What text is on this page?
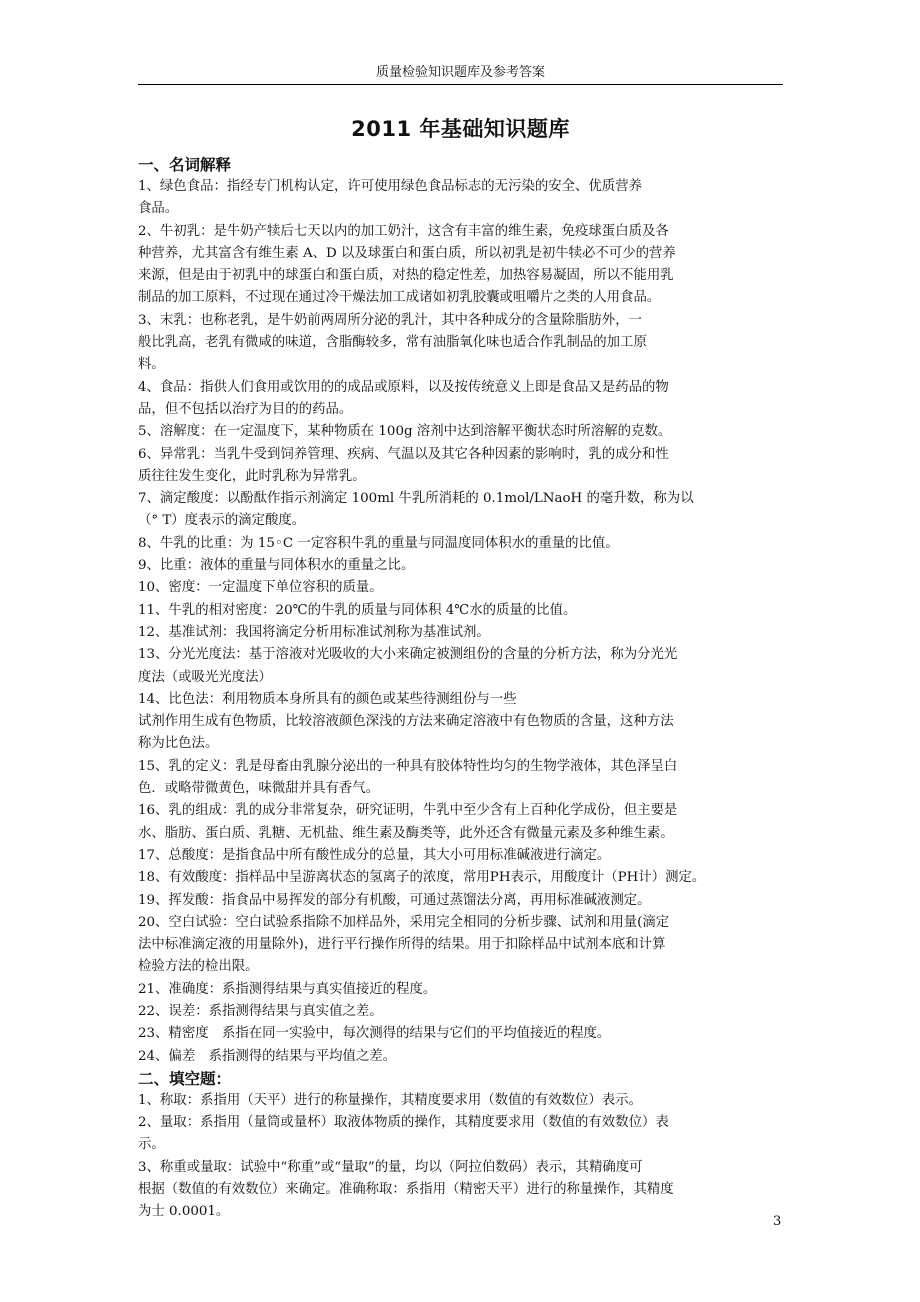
质量检验知识题库及参考答案
2011 年基础知识题库
一、名词解释
1、绿色食品：指经专门机构认定，许可使用绿色食品标志的无污染的安全、优质营养
食品。
2、牛初乳：是牛奶产犊后七天以内的加工奶汁，这含有丰富的维生素，免疫球蛋白质及各
种营养，尤其富含有维生素 A、D 以及球蛋白和蛋白质，所以初乳是初牛犊必不可少的营养
来源，但是由于初乳中的球蛋白和蛋白质，对热的稳定性差，加热容易凝固，所以不能用乳
制品的加工原料，不过现在通过冷干燥法加工成诸如初乳胶囊或咀嚼片之类的人用食品。
3、末乳：也称老乳，是牛奶前两周所分泌的乳汁，其中各种成分的含量除脂肪外，一
般比乳高，老乳有微咸的味道，含脂酶较多，常有油脂氧化味也适合作乳制品的加工原
料。
4、食品：指供人们食用或饮用的的成品或原料，以及按传统意义上即是食品又是药品的物
品，但不包括以治疗为目的的药品。
5、溶解度：在一定温度下，某种物质在 100g 溶剂中达到溶解平衡状态时所溶解的克数。
6、异常乳：当乳牛受到饲养管理、疾病、气温以及其它各种因素的影响时，乳的成分和性
质往往发生变化，此时乳称为异常乳。
7、滴定酸度：以酚酞作指示剂滴定 100ml 牛乳所消耗的 0.1mol/LNaoH 的毫升数，称为以
（° T）度表示的滴定酸度。
8、牛乳的比重：为 15◦C 一定容积牛乳的重量与同温度同体积水的重量的比值。
9、比重：液体的重量与同体积水的重量之比。
10、密度：一定温度下单位容积的质量。
11、牛乳的相对密度：20℃的牛乳的质量与同体积 4℃水的质量的比值。
12、基准试剂：我国将滴定分析用标准试剂称为基准试剂。
13、分光光度法：基于溶液对光吸收的大小来确定被测组份的含量的分析方法，称为分光光
度法（或吸光光度法）
14、比色法：利用物质本身所具有的颜色或某些待测组份与一些
试剂作用生成有色物质，比较溶液颜色深浅的方法来确定溶液中有色物质的含量，这种方法
称为比色法。
15、乳的定义：乳是母畜由乳腺分泌出的一种具有胶体特性均匀的生物学液体，其色泽呈白
色．或略带微黄色，味微甜并具有香气。
16、乳的组成：乳的成分非常复杂，研究证明，牛乳中至少含有上百种化学成份，但主要是
水、脂肪、蛋白质、乳糖、无机盐、维生素及酶类等，此外还含有微量元素及多种维生素。
17、总酸度：是指食品中所有酸性成分的总量，其大小可用标准碱液进行滴定。
18、有效酸度：指样品中呈游离状态的氢离子的浓度，常用PH表示，用酸度计（PH计）测定。
19、挥发酸：指食品中易挥发的部分有机酸，可通过蒸馏法分离，再用标准碱液测定。
20、空白试验：空白试验系指除不加样品外，采用完全相同的分析步骤、试剂和用量(滴定
法中标准滴定液的用量除外)，进行平行操作所得的结果。用于扣除样品中试剂本底和计算
检验方法的检出限。
21、准确度：系指测得结果与真实值接近的程度。
22、误差：系指测得结果与真实值之差。
23、精密度　系指在同一实验中，每次测得的结果与它们的平均值接近的程度。
24、偏差　系指测得的结果与平均值之差。
二、填空题：
1、称取：系指用（天平）进行的称量操作，其精度要求用（数值的有效数位）表示。
2、量取：系指用（量筒或量杯）取液体物质的操作，其精度要求用（数值的有效数位）表
示。
3、称重或量取：试验中“称重”或“量取”的量，均以（阿拉伯数码）表示，其精确度可
根据（数值的有效数位）来确定。准确称取：系指用（精密天平）进行的称量操作，其精度
为士 0.0001。
3
